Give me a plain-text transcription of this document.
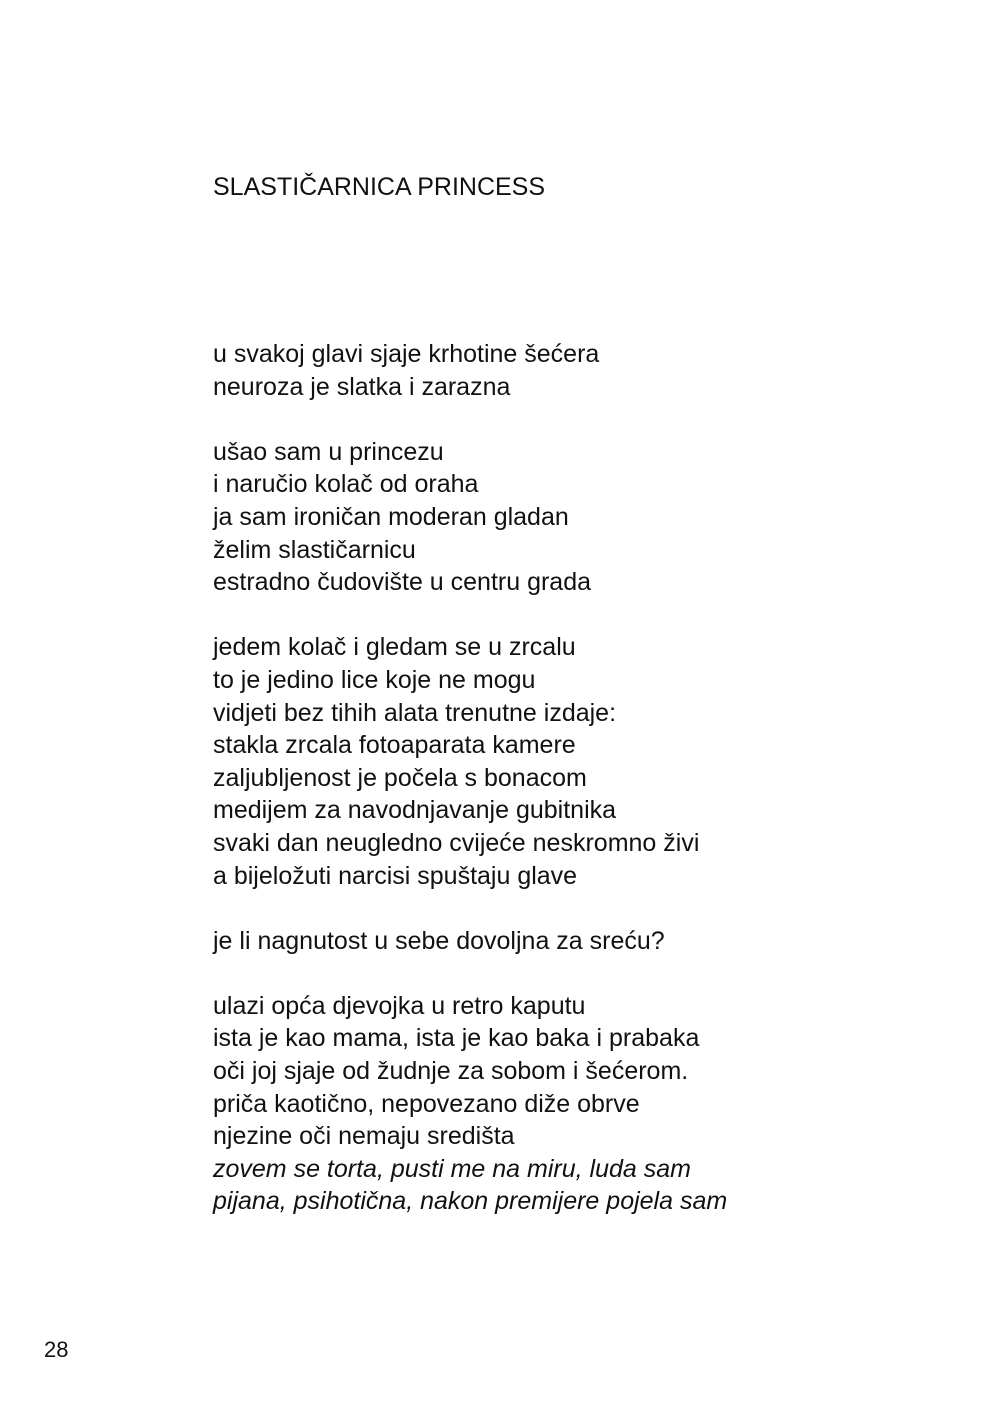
SLASTIČARNICA PRINCESS
u svakoj glavi sjaje krhotine šećera
neuroza je slatka i zarazna
ušao sam u princezu
i naručio kolač od oraha
ja sam ironičan moderan gladan
želim slastičarnicu
estradno čudovište u centru grada
jedem kolač i gledam se u zrcalu
to je jedino lice koje ne mogu
vidjeti bez tihih alata trenutne izdaje:
stakla zrcala fotoaparata kamere
zaljubljenost je počela s bonacom
medijem za navodnjavanje gubitnika
svaki dan neugledno cvijeće neskromno živi
a bijeložuti narcisi spuštaju glave
je li nagnutost u sebe dovoljna za sreću?
ulazi opća djevojka u retro kaputu
ista je kao mama, ista je kao baka i prabaka
oči joj sjaje od žudnje za sobom i šećerom.
priča kaotično, nepovezano diže obrve
njezine oči nemaju središta
zovem se torta, pusti me na miru, luda sam
pijana, psihotična, nakon premijere pojela sam
28
